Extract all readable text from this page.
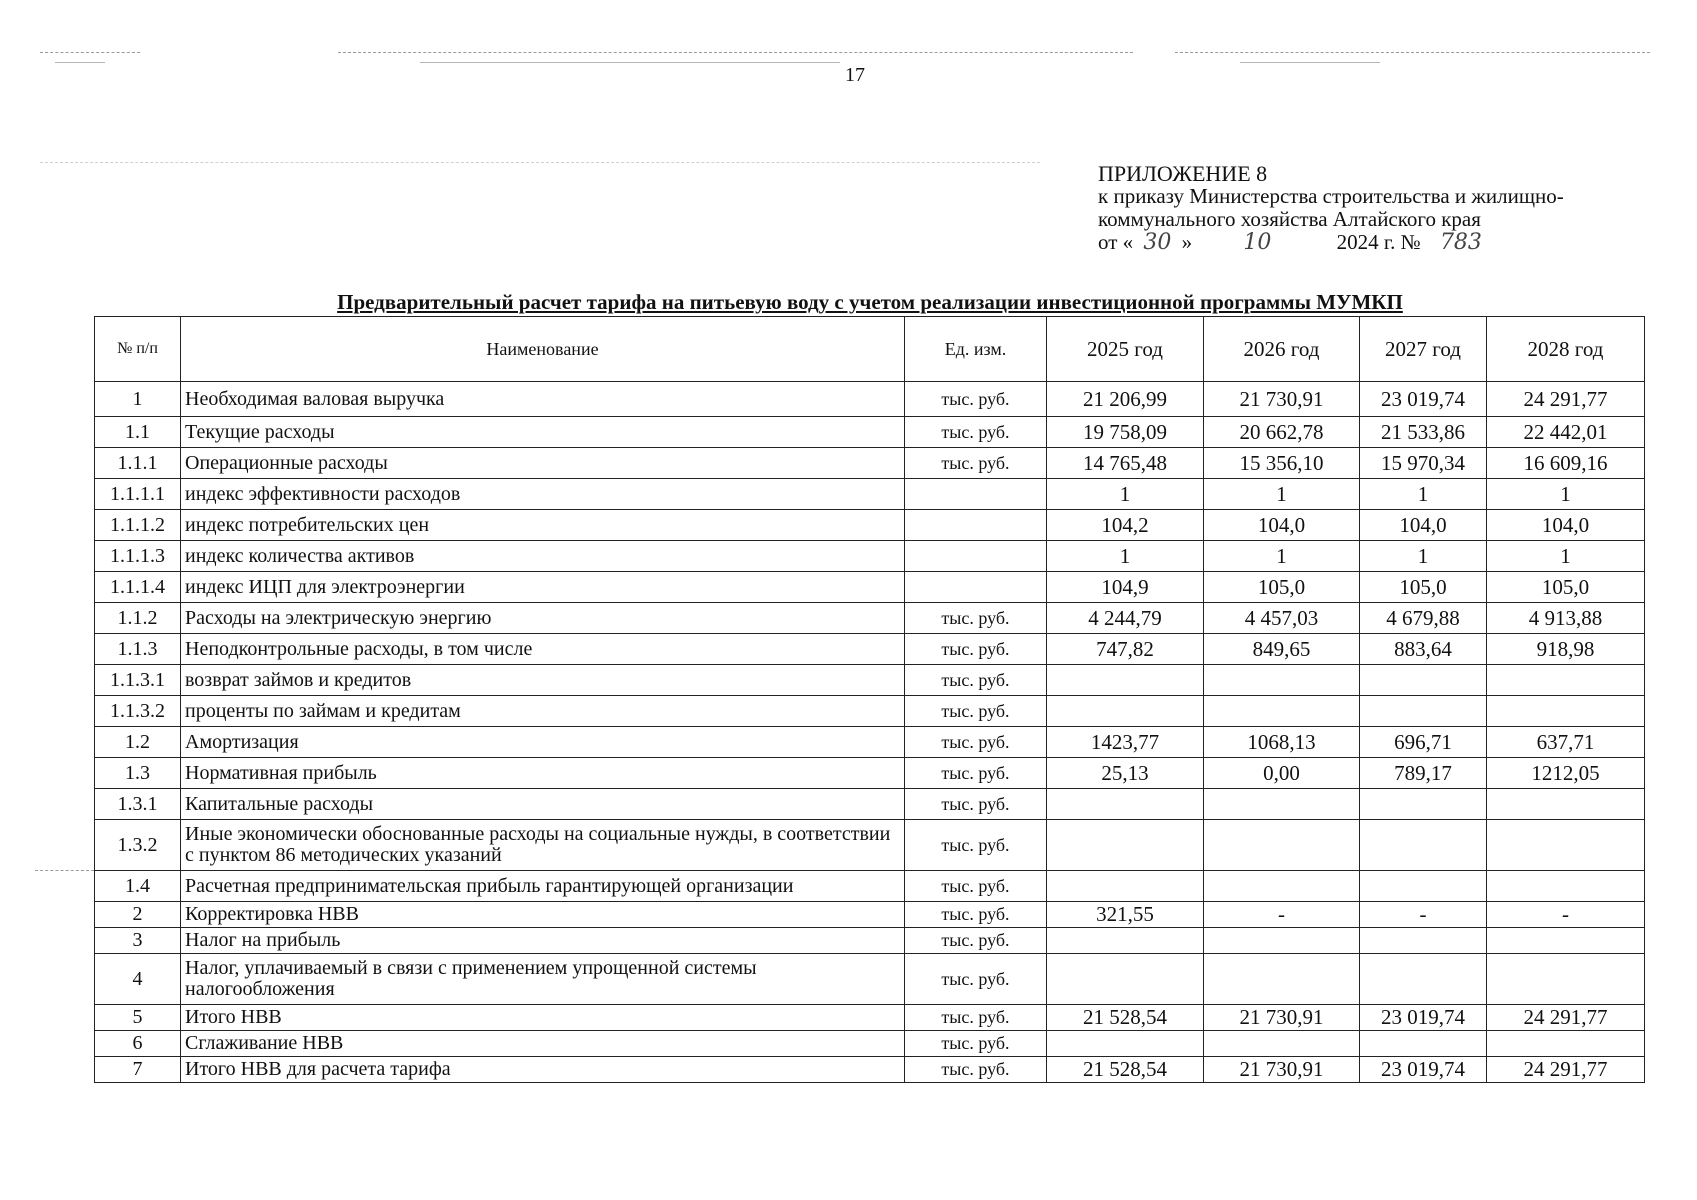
17
ПРИЛОЖЕНИЕ 8
к приказу Министерства строительства и жилищно-
коммунального хозяйства Алтайского края
от « 30 » 10	2024 г. № 783
Предварительный расчет тарифа на питьевую воду с учетом реализации инвестиционной программы МУМКП
№ п/п	Наименование	Ед. изм.	2025 год	2026 год	2027 год	2028 год
1	Необходимая валовая выручка	тыс. руб.	21 206,99	21 730,91	23 019,74	24 291,77
1.1	Текущие расходы	тыс. руб.	19 758,09	20 662,78	21 533,86	22 442,01
1.1.1	Операционные расходы	тыс. руб.	14 765,48	15 356,10	15 970,34	16 609,16
1.1.1.1	индекс эффективности расходов		1	1	1	1
1.1.1.2	индекс потребительских цен		104,2	104,0	104,0	104,0
1.1.1.3	индекс количества активов		1	1	1	1
1.1.1.4	индекс ИЦП для электроэнергии		104,9	105,0	105,0	105,0
1.1.2	Расходы на электрическую энергию	тыс. руб.	4 244,79	4 457,03	4 679,88	4 913,88
1.1.3	Неподконтрольные расходы, в том числе	тыс. руб.	747,82	849,65	883,64	918,98
1.1.3.1	возврат займов и кредитов	тыс. руб.				
1.1.3.2	проценты по займам и кредитам	тыс. руб.				
1.2	Амортизация	тыс. руб.	1423,77	1068,13	696,71	637,71
1.3	Нормативная прибыль	тыс. руб.	25,13	0,00	789,17	1212,05
1.3.1	Капитальные расходы	тыс. руб.				
1.3.2	Иные экономически обоснованные расходы на социальные нужды, в соответствии с пунктом 86 методических указаний	тыс. руб.				
1.4	Расчетная предпринимательская прибыль гарантирующей организации	тыс. руб.				
2	Корректировка НВВ	тыс. руб.	321,55	-	-	-
3	Налог на прибыль	тыс. руб.				
4	Налог, уплачиваемый в связи с применением упрощенной системы налогообложения	тыс. руб.				
5	Итого НВВ	тыс. руб.	21 528,54	21 730,91	23 019,74	24 291,77
6	Сглаживание НВВ	тыс. руб.				
7	Итого НВВ для расчета тарифа	тыс. руб.	21 528,54	21 730,91	23 019,74	24 291,77
